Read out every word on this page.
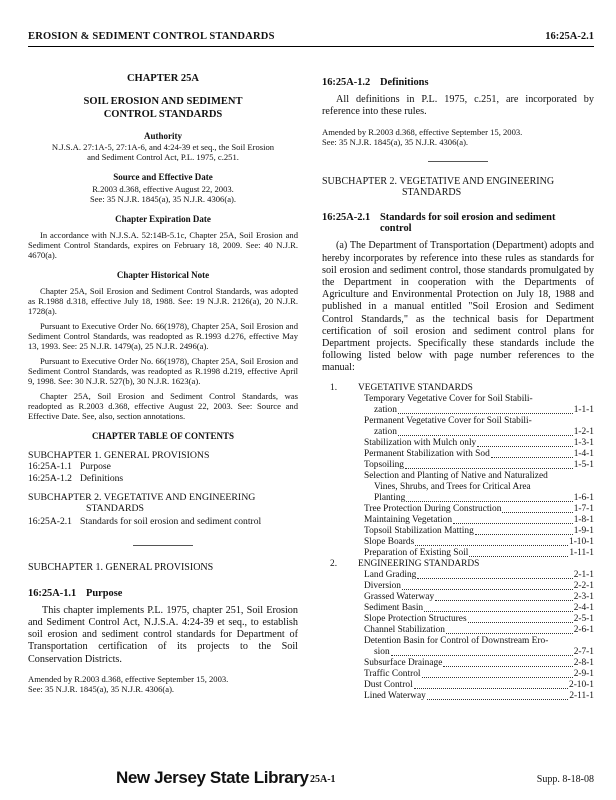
EROSION & SEDIMENT CONTROL STANDARDS	16:25A-2.1
CHAPTER 25A
SOIL EROSION AND SEDIMENT
CONTROL STANDARDS
Authority
N.J.S.A. 27:1A-5, 27:1A-6, and 4:24-39 et seq., the Soil Erosion
and Sediment Control Act, P.L. 1975, c.251.
Source and Effective Date
R.2003 d.368, effective August 22, 2003.
See: 35 N.J.R. 1845(a), 35 N.J.R. 4306(a).
Chapter Expiration Date
In accordance with N.J.S.A. 52:14B-5.1c, Chapter 25A, Soil Erosion and Sediment Control Standards, expires on February 18, 2009. See: 40 N.J.R. 4670(a).
Chapter Historical Note
Chapter 25A, Soil Erosion and Sediment Control Standards, was adopted as R.1988 d.318, effective July 18, 1988. See: 19 N.J.R. 2126(a), 20 N.J.R. 1728(a).
Pursuant to Executive Order No. 66(1978), Chapter 25A, Soil Erosion and Sediment Control Standards, was readopted as R.1993 d.276, effective May 13, 1993. See: 25 N.J.R. 1479(a), 25 N.J.R. 2496(a).
Pursuant to Executive Order No. 66(1978), Chapter 25A, Soil Erosion and Sediment Control Standards, was readopted as R.1998 d.219, effective April 9, 1998. See: 30 N.J.R. 527(b), 30 N.J.R. 1623(a).
Chapter 25A, Soil Erosion and Sediment Control Standards, was readopted as R.2003 d.368, effective August 22, 2003. See: Source and Effective Date. See, also, section annotations.
CHAPTER TABLE OF CONTENTS
SUBCHAPTER 1. GENERAL PROVISIONS
16:25A-1.1 Purpose
16:25A-1.2 Definitions
SUBCHAPTER 2. VEGETATIVE AND ENGINEERING
STANDARDS
16:25A-2.1 Standards for soil erosion and sediment control
SUBCHAPTER 1. GENERAL PROVISIONS
16:25A-1.1 Purpose
This chapter implements P.L. 1975, chapter 251, Soil Erosion and Sediment Control Act, N.J.S.A. 4:24-39 et seq., to establish soil erosion and sediment control standards for Department of Transportation certification of its projects to the Soil Conservation Districts.
Amended by R.2003 d.368, effective September 15, 2003.
See: 35 N.J.R. 1845(a), 35 N.J.R. 4306(a).
16:25A-1.2 Definitions
All definitions in P.L. 1975, c.251, are incorporated by reference into these rules.
Amended by R.2003 d.368, effective September 15, 2003.
See: 35 N.J.R. 1845(a), 35 N.J.R. 4306(a).
SUBCHAPTER 2. VEGETATIVE AND ENGINEERING
STANDARDS
16:25A-2.1 Standards for soil erosion and sediment
control
(a) The Department of Transportation (Department) adopts and hereby incorporates by reference into these rules as standards for soil erosion and sediment control, those standards promulgated by the Department in cooperation with the Departments of Agriculture and Environmental Protection on July 18, 1988 and published in a manual entitled "Soil Erosion and Sediment Control Standards," as the technical basis for Department certification of soil erosion and sediment control plans for Department projects. Specifically these standards include the following listed below with page number references to the manual:
1. VEGETATIVE STANDARDS
Temporary Vegetative Cover for Soil Stabili-
zation	1-1-1
Permanent Vegetative Cover for Soil Stabili-
zation	1-2-1
Stabilization with Mulch only	1-3-1
Permanent Stabilization with Sod	1-4-1
Topsoiling	1-5-1
Selection and Planting of Native and Naturalized
Vines, Shrubs, and Trees for Critical Area
Planting	1-6-1
Tree Protection During Construction	1-7-1
Maintaining Vegetation	1-8-1
Topsoil Stabilization Matting	1-9-1
Slope Boards	1-10-1
Preparation of Existing Soil	1-11-1
2. ENGINEERING STANDARDS
Land Grading	2-1-1
Diversion	2-2-1
Grassed Waterway	2-3-1
Sediment Basin	2-4-1
Slope Protection Structures	2-5-1
Channel Stabilization	2-6-1
Detention Basin for Control of Downstream Ero-
sion	2-7-1
Subsurface Drainage	2-8-1
Traffic Control	2-9-1
Dust Control	2-10-1
Lined Waterway	2-11-1
New Jersey State Library 25A-1	Supp. 8-18-08
